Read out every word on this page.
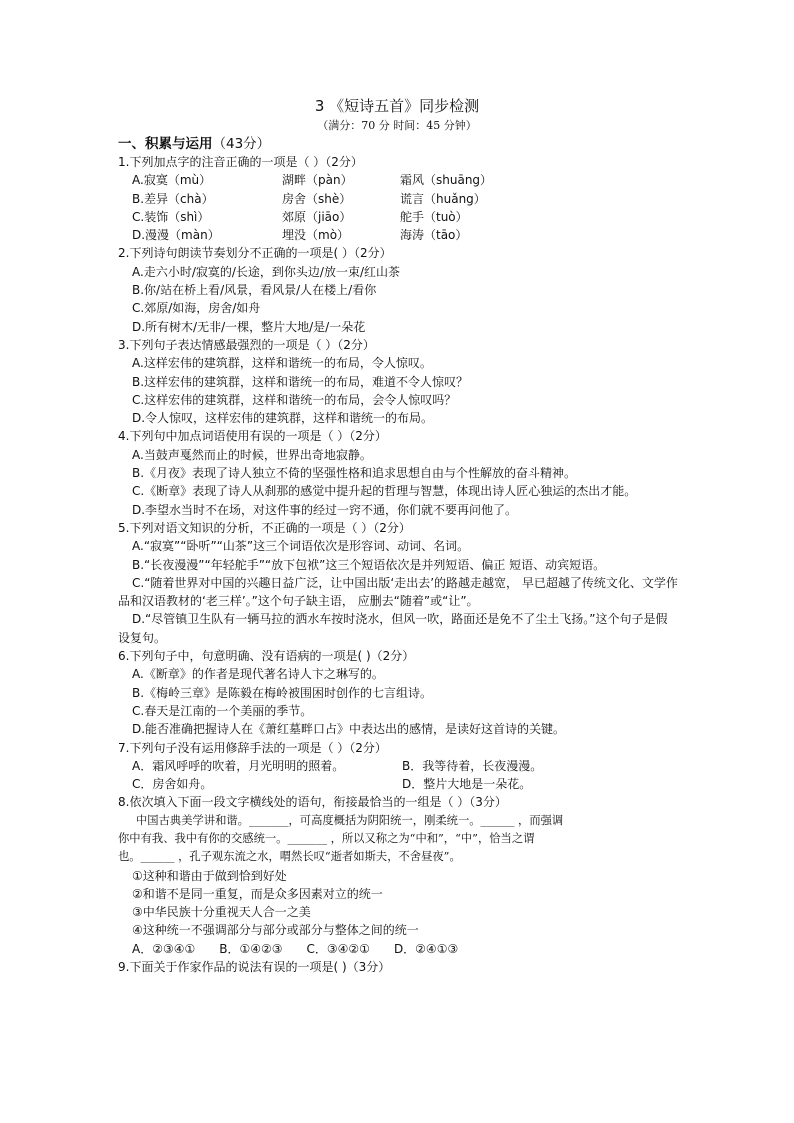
3 《短诗五首》同步检测
（满分：70 分 时间：45 分钟）
一、积累与运用（43分）
1.下列加点字的注音正确的一项是（ ）（2分）
A.寂寞（mù）	湖畔（pàn）	霜风（shuāng）
B.差异（chà）	房舍（shè）	谎言（huǎng）
C.装饰（shì）	郊原（jiāo）	舵手（tuò）
D.漫漫（màn）	埋没（mò）	海涛（tāo）
2.下列诗句朗读节奏划分不正确的一项是( ）（2分）
A.走六小时/寂寞的/长途，到你头边/放一束/红山茶
B.你/站在桥上看/风景，看风景/人在楼上/看你
C.郊原/如海，房舍/如舟
D.所有树木/无非/一棵，整片大地/是/一朵花
3.下列句子表达情感最强烈的一项是（ ）（2分）
A.这样宏伟的建筑群，这样和谐统一的布局，令人惊叹。
B.这样宏伟的建筑群，这样和谐统一的布局，难道不令人惊叹？
C.这样宏伟的建筑群，这样和谐统一的布局，会令人惊叹吗？
D.令人惊叹，这样宏伟的建筑群，这样和谐统一的布局。
4.下列句中加点词语使用有误的一项是（ ）（2分）
A.当鼓声戛然而止的时候，世界出奇地寂静。
B.《月夜》表现了诗人独立不倚的坚强性格和追求思想自由与个性解放的奋斗精神。
C.《断章》表现了诗人从刹那的感觉中提升起的哲理与智慧，体现出诗人匠心独运的杰出才能。
D.李望水当时不在场，对这件事的经过一窍不通，你们就不要再问他了。
5.下列对语文知识的分析，不正确的一项是（ ）（2分）
A.“寂寞”“卧听”“山茶”这三个词语依次是形容词、动词、名词。
B.“长夜漫漫”“年轻舵手”“放下包袱”这三个短语依次是并列短语、偏正 短语、动宾短语。
C.“随着世界对中国的兴趣日益广泛，让中国出版‘走出去’的路越走越宽， 早已超越了传统文化、文学作品和汉语教材的‘老三样’。”这个句子缺主语， 应删去“随着”或“让”。
D.“尽管镇卫生队有一辆马拉的洒水车按时浇水，但风一吹，路面还是免不了尘土飞扬。”这个句子是假设复句。
6.下列句子中，句意明确、没有语病的一项是( )（2分）
A.《断章》的作者是现代著名诗人卞之琳写的。
B.《梅岭三章》是陈毅在梅岭被围困时创作的七言组诗。
C.春天是江南的一个美丽的季节。
D.能否准确把握诗人在《萧红墓畔口占》中表达出的感情，是读好这首诗的关键。
7.下列句子没有运用修辞手法的一项是（ ）（2分）
A．霜风呼呼的吹着，月光明明的照着。	B．我等待着，长夜漫漫。
C．房舍如舟。	D．整片大地是一朵花。
8.依次填入下面一段文字横线处的语句，衔接最恰当的一组是（ ）（3分）
中国古典美学讲和谐。_______，可高度概括为阴阳统一，刚柔统一。______ ，而强调
你中有我、我中有你的交感统一。_______ ，所以又称之为“中和”，“中”，恰当之谓
也。______ ，孔子观东流之水，喟然长叹“逝者如斯夫，不舍昼夜”。
①这种和谐由于做到恰到好处
②和谐不是同一重复，而是众多因素对立的统一
③中华民族十分重视天人合一之美
④这种统一不强调部分与部分或部分与整体之间的统一
A．②③④① B．①④②③ C．③④②① D．②④①③
9.下面关于作家作品的说法有误的一项是( )（3分）
